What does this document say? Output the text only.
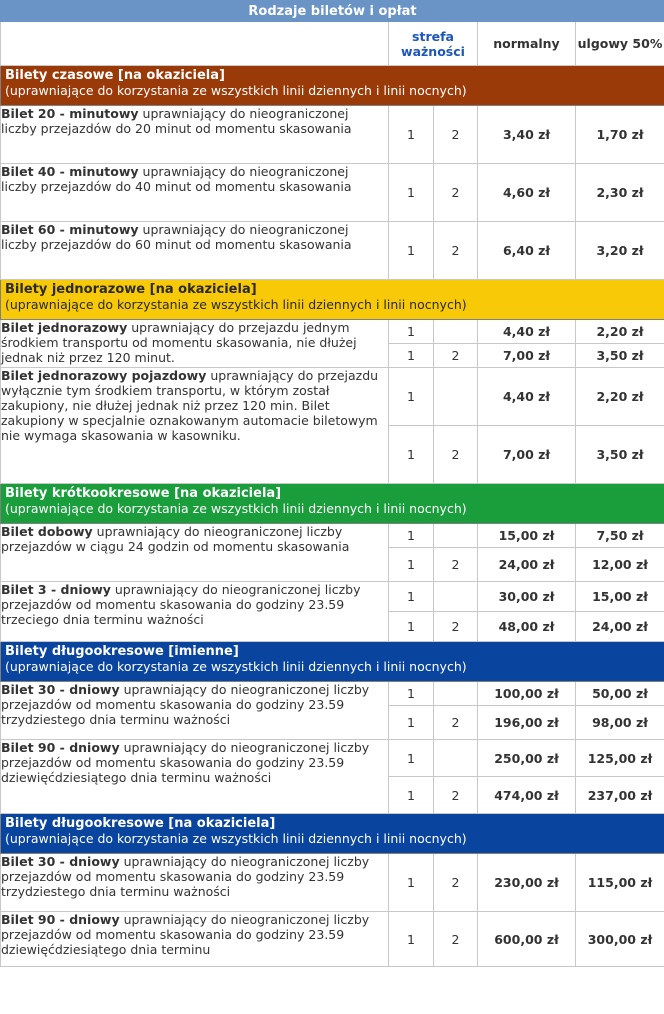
Rodzaje biletów i opłat				
	strefa ważności		normalny	ulgowy 50%

Bilety czasowe [na okaziciela]
(uprawniające do korzystania ze wszystkich linii dziennych i linii nocnych)				

Bilet 20 - minutowy uprawniający do nieograniczonej liczby przejazdów do 20 minut od momentu skasowania	1	2	3,40 zł	1,70 zł
Bilet 40 - minutowy uprawniający do nieograniczonej liczby przejazdów do 40 minut od momentu skasowania	1	2	4,60 zł	2,30 zł
Bilet 60 - minutowy uprawniający do nieograniczonej liczby przejazdów do 60 minut od momentu skasowania	1	2	6,40 zł	3,20 zł

Bilety jednorazowe [na okaziciela]
(uprawniające do korzystania ze wszystkich linii dziennych i linii nocnych)				

Bilet jednorazowy uprawniający do przejazdu jednym środkiem transportu od momentu skasowania, nie dłużej jednak niż przez 120 minut.	1		4,40 zł	2,20 zł
	1	2	7,00 zł	3,50 zł
Bilet jednorazowy pojazdowy uprawniający do przejazdu wyłącznie tym środkiem transportu, w którym został zakupiony, nie dłużej jednak niż przez 120 min. Bilet zakupiony w specjalnie oznakowanym automacie biletowym nie wymaga skasowania w kasowniku.	1		4,40 zł	2,20 zł
	1	2	7,00 zł	3,50 zł

Bilety krótkookresowe [na okaziciela]
(uprawniające do korzystania ze wszystkich linii dziennych i linii nocnych)				

Bilet dobowy uprawniający do nieograniczonej liczby przejazdów w ciągu 24 godzin od momentu skasowania	1		15,00 zł	7,50 zł
	1	2	24,00 zł	12,00 zł
Bilet 3 - dniowy uprawniający do nieograniczonej liczby przejazdów od momentu skasowania do godziny 23.59 trzeciego dnia terminu ważności	1		30,00 zł	15,00 zł
	1	2	48,00 zł	24,00 zł

Bilety długookresowe [imienne]
(uprawniające do korzystania ze wszystkich linii dziennych i linii nocnych)				

Bilet 30 - dniowy uprawniający do nieograniczonej liczby przejazdów od momentu skasowania do godziny 23.59 trzydziestego dnia terminu ważności	1		100,00 zł	50,00 zł
	1	2	196,00 zł	98,00 zł
Bilet 90 - dniowy uprawniający do nieograniczonej liczby przejazdów od momentu skasowania do godziny 23.59 dziewięćdziesiątego dnia terminu ważności	1		250,00 zł	125,00 zł
	1	2	474,00 zł	237,00 zł

Bilety długookresowe [na okaziciela]
(uprawniające do korzystania ze wszystkich linii dziennych i linii nocnych)				

Bilet 30 - dniowy uprawniający do nieograniczonej liczby przejazdów od momentu skasowania do godziny 23.59 trzydziestego dnia terminu ważności	1	2	230,00 zł	115,00 zł
Bilet 90 - dniowy uprawniający do nieograniczonej liczby przejazdów od momentu skasowania do godziny 23.59 dziewięćdziesiątego dnia terminu	1	2	600,00 zł	300,00 zł
